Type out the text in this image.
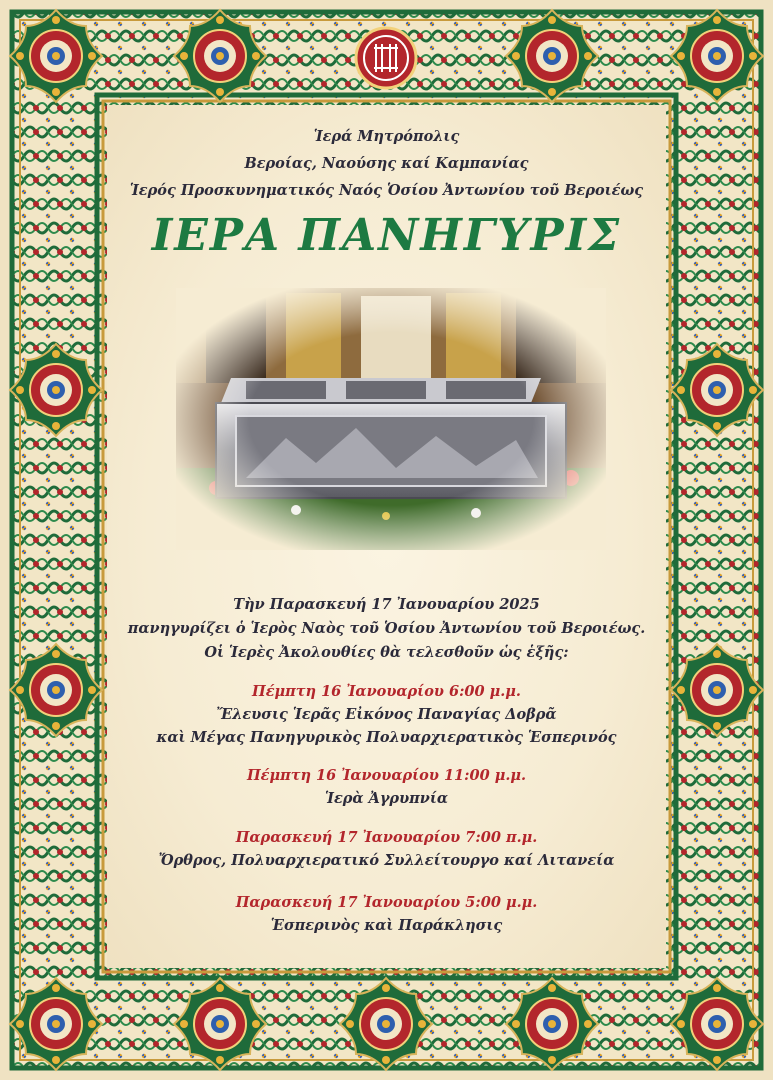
Ἱερά Μητρόπολις
Βεροίας, Ναούσης καί Καμπανίας
Ἱερός Προσκυνηματικός Ναός Ὁσίου Ἀντωνίου τοῦ Βεροιέως
ΙΕΡΑ ΠΑΝΗΓΥΡΙΣ
Τὴν Παρασκευή 17 Ἰανουαρίου 2025
πανηγυρίζει ὁ Ἱερὸς Ναὸς τοῦ Ὁσίου Ἀντωνίου τοῦ Βεροιέως.
Οἱ Ἱερὲς Ἀκολουθίες θὰ τελεσθοῦν ὡς ἑξῆς:
Πέμπτη 16 Ἰανουαρίου 6:00 μ.μ.
Ἔλευσις Ἱερᾶς Εἰκόνος Παναγίας Δοβρᾶ
καὶ Μέγας Πανηγυρικὸς Πολυαρχιερατικὸς Ἑσπερινός
Πέμπτη 16 Ἰανουαρίου 11:00 μ.μ.
Ἱερὰ Ἀγρυπνία
Παρασκευή 17 Ἰανουαρίου 7:00 π.μ.
Ὄρθρος, Πολυαρχιερατικό Συλλείτουργο καί Λιτανεία
Παρασκευή 17 Ἰανουαρίου 5:00 μ.μ.
Ἑσπερινὸς καὶ Παράκλησις
